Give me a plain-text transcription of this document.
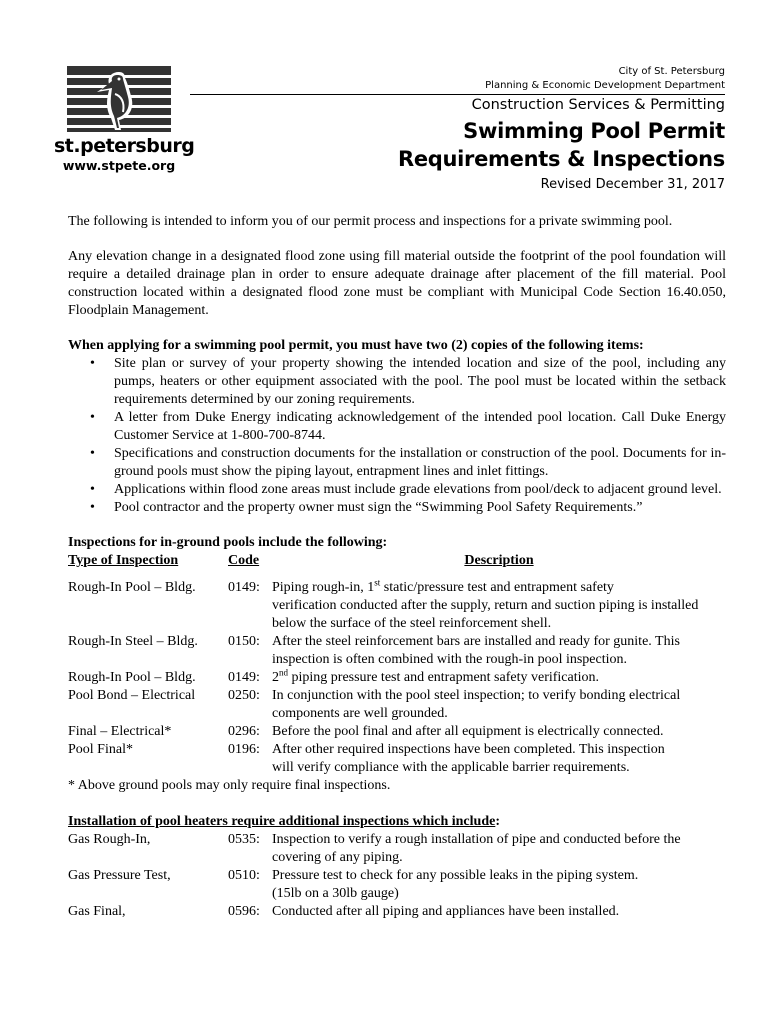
st.petersburg
www.stpete.org
City of St. Petersburg
Planning & Economic Development Department
Construction Services & Permitting
Swimming Pool Permit
Requirements & Inspections
Revised December 31, 2017

The following is intended to inform you of our permit process and inspections for a private swimming pool.

Any elevation change in a designated flood zone using fill material outside the footprint of the pool foundation will require a detailed drainage plan in order to ensure adequate drainage after placement of the fill material. Pool construction located within a designated flood zone must be compliant with Municipal Code Section 16.40.050, Floodplain Management.

When applying for a swimming pool permit, you must have two (2) copies of the following items:

• Site plan or survey of your property showing the intended location and size of the pool, including any pumps, heaters or other equipment associated with the pool. The pool must be located within the setback requirements determined by our zoning requirements.
• A letter from Duke Energy indicating acknowledgement of the intended pool location. Call Duke Energy Customer Service at 1-800-700-8744.
• Specifications and construction documents for the installation or construction of the pool. Documents for in-ground pools must show the piping layout, entrapment lines and inlet fittings.
• Applications within flood zone areas must include grade elevations from pool/deck to adjacent ground level.
• Pool contractor and the property owner must sign the “Swimming Pool Safety Requirements.”

Inspections for in-ground pools include the following:

Type of Inspection	Code	Description

Rough-In Pool – Bldg.	0149:	Piping rough-in, 1st static/pressure test and entrapment safety
verification conducted after the supply, return and suction piping is installed below the surface of the steel reinforcement shell.

Rough-In Steel – Bldg.	0150:	After the steel reinforcement bars are installed and ready for gunite. This
inspection is often combined with the rough-in pool inspection.
Rough-In Pool – Bldg.	0149:	2nd piping pressure test and entrapment safety verification.
Pool Bond – Electrical	0250:	In conjunction with the pool steel inspection; to verify bonding electrical
components are well grounded.
Final – Electrical*	0296:	Before the pool final and after all equipment is electrically connected.
Pool Final*	0196:	After other required inspections have been completed. This inspection
will verify compliance with the applicable barrier requirements.
* Above ground pools may only require final inspections.		

Installation of pool heaters require additional inspections which include:

Gas Rough-In,	0535:	Inspection to verify a rough installation of pipe and conducted before the
covering of any piping.
Gas Pressure Test,	0510:	Pressure test to check for any possible leaks in the piping system.
(15lb on a 30lb gauge)
Gas Final,	0596:	Conducted after all piping and appliances have been installed.
